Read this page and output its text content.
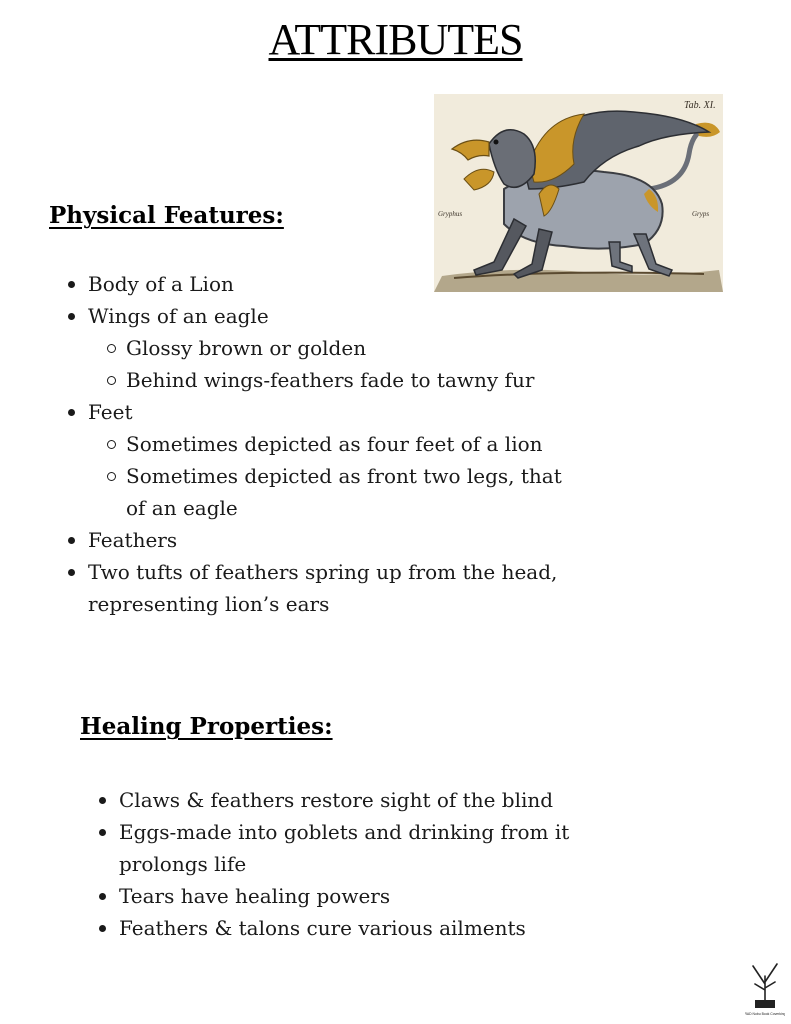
ATTRIBUTES
Tab. XI.
Gryphus	Gryps
Physical Features:
Body of a Lion
Wings of an eagle
Glossy brown or golden
Behind wings-feathers fade to tawny fur
Feet
Sometimes depicted as four feet of a lion
Sometimes depicted as front two legs, that of an eagle
Feathers
Two tufts of feathers spring up from the head, representing lion’s ears
Healing Properties:
Claws & feathers restore sight of the blind
Eggs-made into goblets and drinking from it prolongs life
Tears have healing powers
Feathers & talons cure various ailments
RAD Nobu Book Coverking
